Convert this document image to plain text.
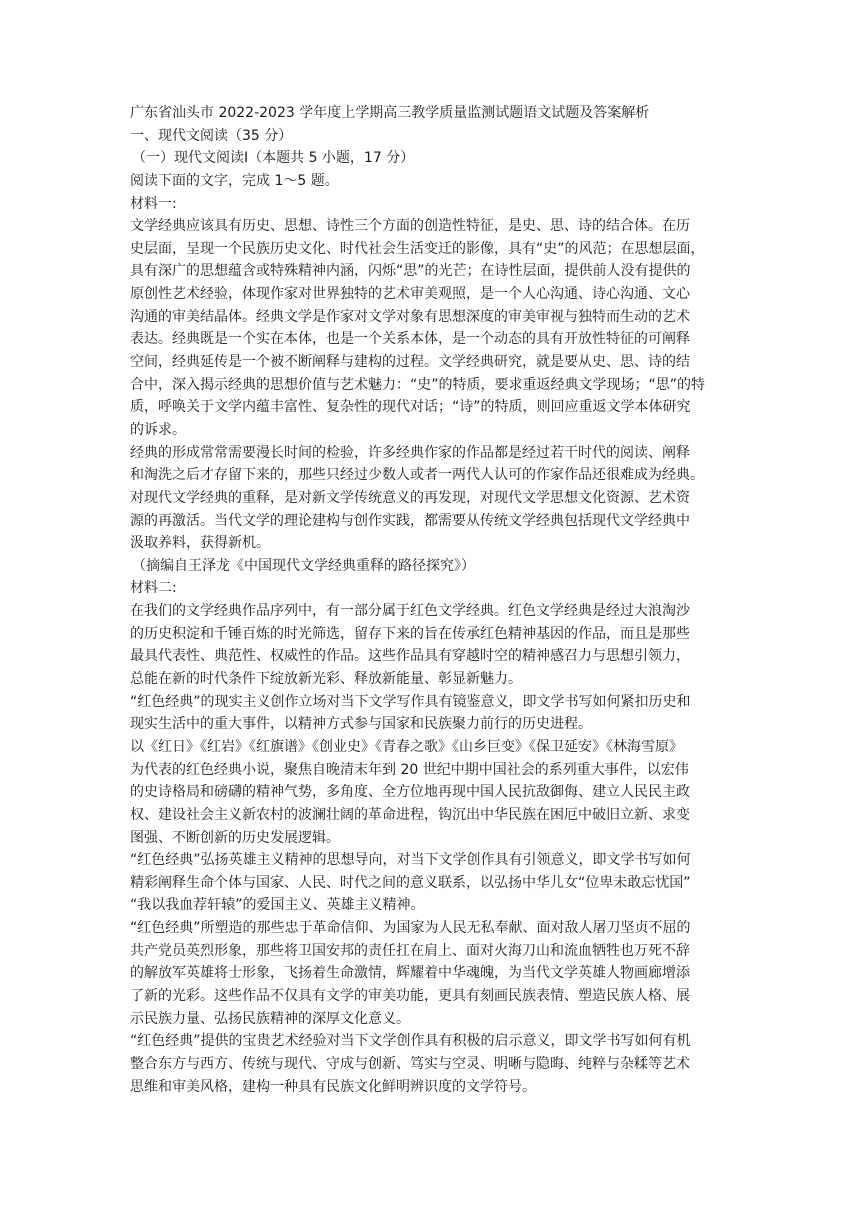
广东省汕头市 2022-2023 学年度上学期高三教学质量监测试题语文试题及答案解析
一、现代文阅读（35 分）
（一）现代文阅读Ⅰ（本题共 5 小题，17 分）
阅读下面的文字，完成 1～5 题。
材料一:
文学经典应该具有历史、思想、诗性三个方面的创造性特征，是史、思、诗的结合体。在历
史层面，呈现一个民族历史文化、时代社会生活变迁的影像，具有“史”的风范；在思想层面，
具有深广的思想蕴含或特殊精神内涵，闪烁“思”的光芒；在诗性层面，提供前人没有提供的
原创性艺术经验，体现作家对世界独特的艺术审美观照，是一个人心沟通、诗心沟通、文心
沟通的审美结晶体。经典文学是作家对文学对象有思想深度的审美审视与独特而生动的艺术
表达。经典既是一个实在本体，也是一个关系本体，是一个动态的具有开放性特征的可阐释
空间，经典延传是一个被不断阐释与建构的过程。文学经典研究，就是要从史、思、诗的结
合中，深入揭示经典的思想价值与艺术魅力：“史”的特质，要求重返经典文学现场；“思”的特
质，呼唤关于文学内蕴丰富性、复杂性的现代对话；“诗”的特质，则回应重返文学本体研究
的诉求。
经典的形成常常需要漫长时间的检验，许多经典作家的作品都是经过若干时代的阅读、阐释
和淘洗之后才存留下来的，那些只经过少数人或者一两代人认可的作家作品还很难成为经典。
对现代文学经典的重释，是对新文学传统意义的再发现，对现代文学思想文化资源、艺术资
源的再激活。当代文学的理论建构与创作实践，都需要从传统文学经典包括现代文学经典中
汲取养料，获得新机。
（摘编自王泽龙《中国现代文学经典重释的路径探究》）
材料二:
在我们的文学经典作品序列中，有一部分属于红色文学经典。红色文学经典是经过大浪淘沙
的历史积淀和千锤百炼的时光筛选，留存下来的旨在传承红色精神基因的作品，而且是那些
最具代表性、典范性、权威性的作品。这些作品具有穿越时空的精神感召力与思想引领力，
总能在新的时代条件下绽放新光彩、释放新能量、彰显新魅力。
“红色经典”的现实主义创作立场对当下文学写作具有镜鉴意义，即文学书写如何紧扣历史和
现实生活中的重大事件，以精神方式参与国家和民族聚力前行的历史进程。
以《红日》《红岩》《红旗谱》《创业史》《青春之歌》《山乡巨变》《保卫延安》《林海雪原》
为代表的红色经典小说，聚焦自晚清末年到 20 世纪中期中国社会的系列重大事件，以宏伟
的史诗格局和磅礴的精神气势，多角度、全方位地再现中国人民抗敌御侮、建立人民民主政
权、建设社会主义新农村的波澜壮阔的革命进程，钩沉出中华民族在困厄中破旧立新、求变
图强、不断创新的历史发展逻辑。
“红色经典”弘扬英雄主义精神的思想导向，对当下文学创作具有引领意义，即文学书写如何
精彩阐释生命个体与国家、人民、时代之间的意义联系，以弘扬中华儿女“位卑未敢忘忧国”
“我以我血荐轩辕”的爱国主义、英雄主义精神。
“红色经典”所塑造的那些忠于革命信仰、为国家为人民无私奉献、面对敌人屠刀坚贞不屈的
共产党员英烈形象，那些将卫国安邦的责任扛在肩上、面对火海刀山和流血牺牲也万死不辞
的解放军英雄将士形象，飞扬着生命激情，辉耀着中华魂魄，为当代文学英雄人物画廊增添
了新的光彩。这些作品不仅具有文学的审美功能，更具有刻画民族表情、塑造民族人格、展
示民族力量、弘扬民族精神的深厚文化意义。
“红色经典”提供的宝贵艺术经验对当下文学创作具有积极的启示意义，即文学书写如何有机
整合东方与西方、传统与现代、守成与创新、笃实与空灵、明晰与隐晦、纯粹与杂糅等艺术
思维和审美风格，建构一种具有民族文化鲜明辨识度的文学符号。
